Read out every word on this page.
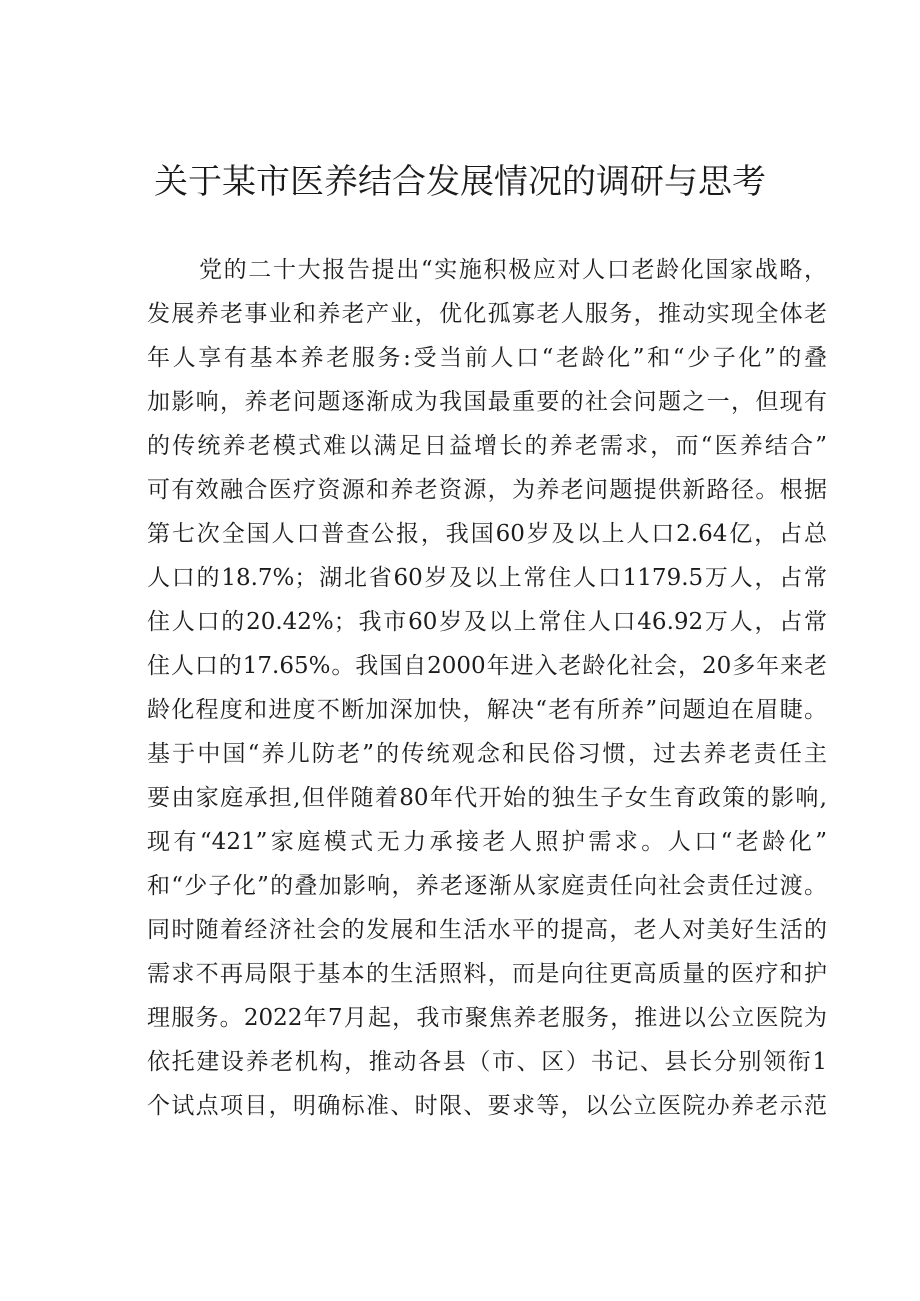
关于某市医养结合发展情况的调研与思考
党的二十大报告提出“实施积极应对人口老龄化国家战略，
发展养老事业和养老产业，优化孤寡老人服务，推动实现全体老
年人享有基本养老服务:受当前人口“老龄化”和“少子化”的叠
加影响，养老问题逐渐成为我国最重要的社会问题之一，但现有
的传统养老模式难以满足日益增长的养老需求，而“医养结合”
可有效融合医疗资源和养老资源，为养老问题提供新路径。根据
第七次全国人口普查公报，我国60岁及以上人口2.64亿，占总
人口的18.7%；湖北省60岁及以上常住人口1179.5万人，占常
住人口的20.42%；我市60岁及以上常住人口46.92万人，占常
住人口的17.65%。我国自2000年进入老龄化社会，20多年来老
龄化程度和进度不断加深加快，解决“老有所养”问题迫在眉睫。
基于中国“养儿防老”的传统观念和民俗习惯，过去养老责任主
要由家庭承担,但伴随着80年代开始的独生子女生育政策的影响,
现有“421”家庭模式无力承接老人照护需求。人口“老龄化”
和“少子化”的叠加影响，养老逐渐从家庭责任向社会责任过渡。
同时随着经济社会的发展和生活水平的提高，老人对美好生活的
需求不再局限于基本的生活照料，而是向往更高质量的医疗和护
理服务。2022年7月起，我市聚焦养老服务，推进以公立医院为
依托建设养老机构，推动各县（市、区）书记、县长分别领衔1
个试点项目，明确标准、时限、要求等，以公立医院办养老示范
